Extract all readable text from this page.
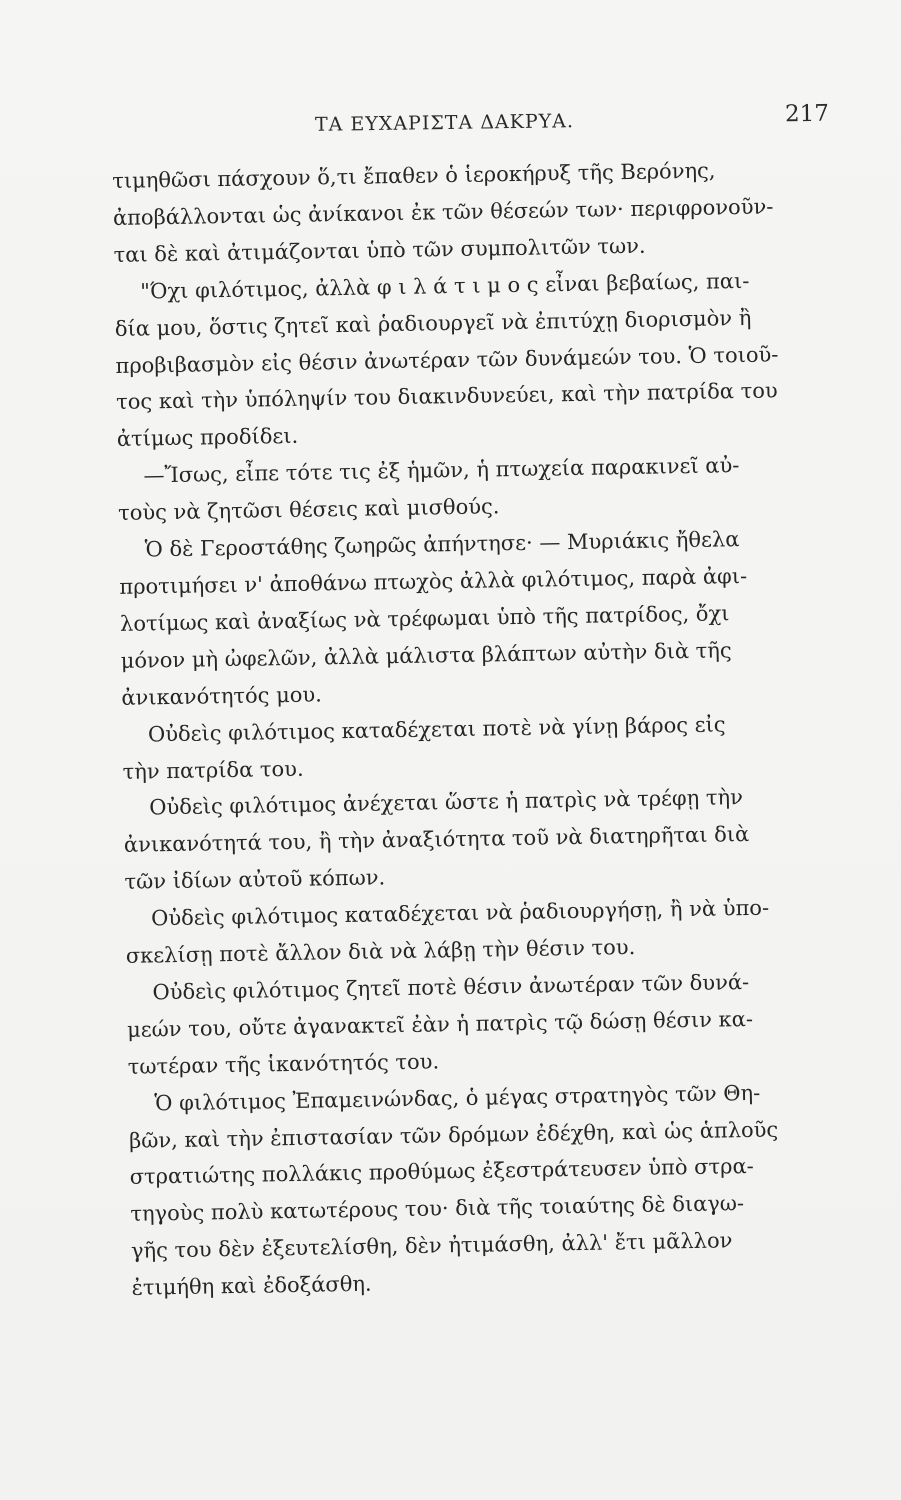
ΤΑ ΕΥΧΑΡΙΣΤΑ ΔΑΚΡΥΑ.	217
τιμηθῶσι πάσχουν ὅ,τι ἔπαθεν ὁ ἱεροκήρυξ τῆς Βερόνης,
ἀποβάλλονται ὡς ἀνίκανοι ἐκ τῶν θέσεών των· περιφρονοῦν-
ται δὲ καὶ ἀτιμάζονται ὑπὸ τῶν συμπολιτῶν των.
"Όχι φιλότιμος, ἀλλὰ φ ι λ ά τ ι μ ο ς εἶναι βεβαίως, παι-
δία μου, ὅστις ζητεῖ καὶ ῥαδιουργεῖ νὰ ἐπιτύχῃ διορισμὸν ἢ
προβιβασμὸν εἰς θέσιν ἀνωτέραν τῶν δυνάμεών του. Ὁ τοιοῦ-
τος καὶ τὴν ὑπόληψίν του διακινδυνεύει, καὶ τὴν πατρίδα του
ἀτίμως προδίδει.
—Ἴσως, εἶπε τότε τις ἐξ ἡμῶν, ἡ πτωχεία παρακινεῖ αὐ-
τοὺς νὰ ζητῶσι θέσεις καὶ μισθούς.
Ὁ δὲ Γεροστάθης ζωηρῶς ἀπήντησε· — Μυριάκις ἤθελα
προτιμήσει ν' ἀποθάνω πτωχὸς ἀλλὰ φιλότιμος, παρὰ ἀφι-
λοτίμως καὶ ἀναξίως νὰ τρέφωμαι ὑπὸ τῆς πατρίδος, ὄχι
μόνον μὴ ὠφελῶν, ἀλλὰ μάλιστα βλάπτων αὐτὴν διὰ τῆς
ἀνικανότητός μου.
Οὐδεὶς φιλότιμος καταδέχεται ποτὲ νὰ γίνῃ βάρος εἰς
τὴν πατρίδα του.
Οὐδεὶς φιλότιμος ἀνέχεται ὥστε ἡ πατρὶς νὰ τρέφῃ τὴν
ἀνικανότητά του, ἢ τὴν ἀναξιότητα τοῦ νὰ διατηρῆται διὰ
τῶν ἰδίων αὐτοῦ κόπων.
Οὐδεὶς φιλότιμος καταδέχεται νὰ ῥαδιουργήσῃ, ἢ νὰ ὑπο-
σκελίσῃ ποτὲ ἄλλον διὰ νὰ λάβῃ τὴν θέσιν του.
Οὐδεὶς φιλότιμος ζητεῖ ποτὲ θέσιν ἀνωτέραν τῶν δυνά-
μεών του, οὔτε ἀγανακτεῖ ἐὰν ἡ πατρὶς τῷ δώσῃ θέσιν κα-
τωτέραν τῆς ἱκανότητός του.
Ὁ φιλότιμος Ἐπαμεινώνδας, ὁ μέγας στρατηγὸς τῶν Θη-
βῶν, καὶ τὴν ἐπιστασίαν τῶν δρόμων ἐδέχθη, καὶ ὡς ἁπλοῦς
στρατιώτης πολλάκις προθύμως ἐξεστράτευσεν ὑπὸ στρα-
τηγοὺς πολὺ κατωτέρους του· διὰ τῆς τοιαύτης δὲ διαγω-
γῆς του δὲν ἐξευτελίσθη, δὲν ἠτιμάσθη, ἀλλ' ἔτι μᾶλλον
ἐτιμήθη καὶ ἐδοξάσθη.
